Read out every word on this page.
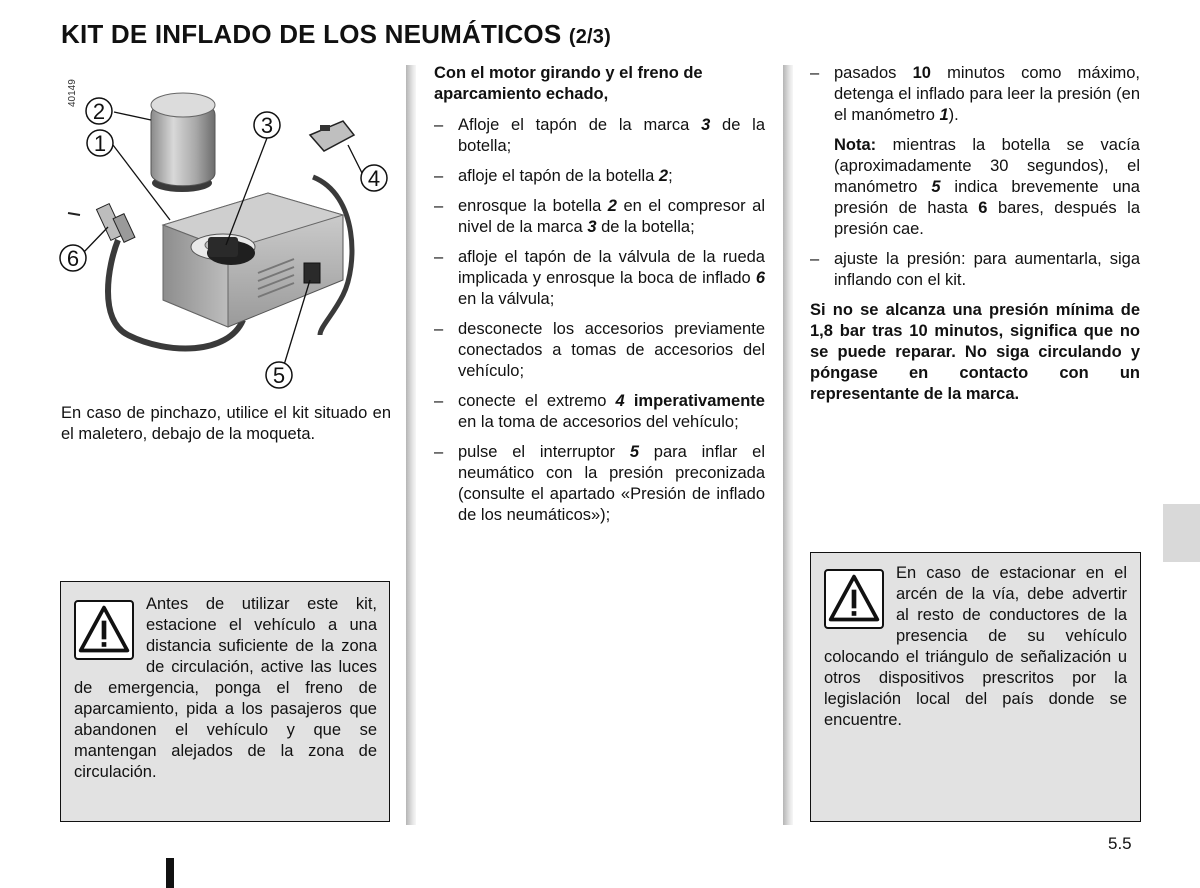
KIT DE INFLADO DE LOS NEUMÁTICOS (2/3)
40149
2
1
3
4
6
5

En caso de pinchazo, utilice el kit situado en el maletero, debajo de la moqueta.

Antes de utilizar este kit, estacione el vehículo a una distancia suficiente de la zona de circulación, active las luces de emergencia, ponga el freno de aparcamiento, pida a los pasajeros que abandonen el vehículo y que se mantengan alejados de la zona de circulación.

Con el motor girando y el freno de aparcamiento echado,

– Afloje el tapón de la marca 3 de la botella;

– afloje el tapón de la botella 2;

– enrosque la botella 2 en el compresor al nivel de la marca 3 de la botella;

– afloje el tapón de la válvula de la rueda implicada y enrosque la boca de inflado 6 en la válvula;

– desconecte los accesorios previamente conectados a tomas de accesorios del vehículo;

– conecte el extremo 4 imperativamente en la toma de accesorios del vehículo;

– pulse el interruptor 5 para inflar el neumático con la presión preconizada (consulte el apartado «Presión de inflado de los neumáticos»);

– pasados 10 minutos como máximo, detenga el inflado para leer la presión (en el manómetro 1).

Nota: mientras la botella se vacía (aproximadamente 30 segundos), el manómetro 5 indica brevemente una presión de hasta 6 bares, después la presión cae.

– ajuste la presión: para aumentarla, siga inflando con el kit.

Si no se alcanza una presión mínima de 1,8 bar tras 10 minutos, significa que no se puede reparar. No siga circulando y póngase en contacto con un representante de la marca.

En caso de estacionar en el arcén de la vía, debe advertir al resto de conductores de la presencia de su vehículo colocando el triángulo de señalización u otros dispositivos prescritos por la legislación local del país donde se encuentre.

5.5
